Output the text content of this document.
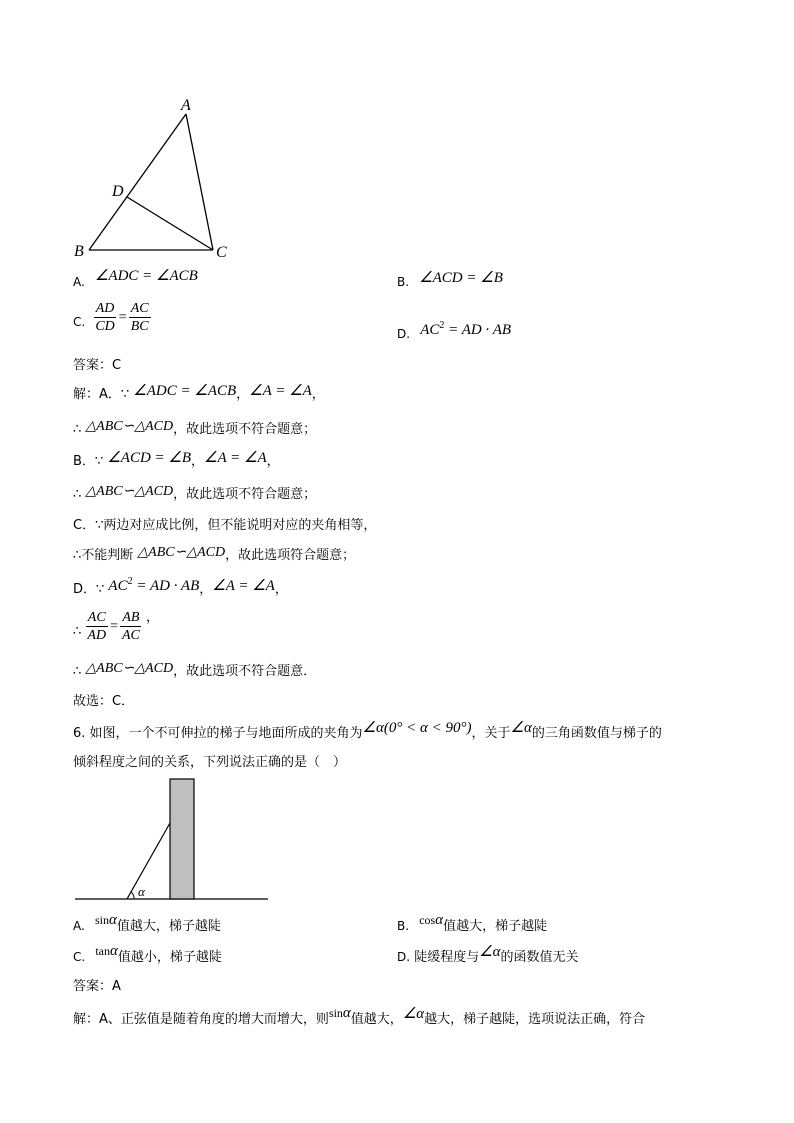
A
B	C
D
A. ∠ADC = ∠ACB	B. ∠ACD = ∠B
C. $\frac{AD}{CD} = \frac{AC}{BC}$	D. $AC^2$ = AD · AB
答案：C
解：A．∵ ∠ADC = ∠ACB，∠A = ∠A，
∴ △ABC∽△ACD，故此选项不符合题意；
B．∵ ∠ACD = ∠B，∠A = ∠A，
∴ △ABC∽△ACD，故此选项不符合题意；
C．∵两边对应成比例，但不能说明对应的夹角相等，
∴不能判断 △ABC∽△ACD，故此选项符合题意；
D．∵ $AC^2$ = AD · AB，∠A = ∠A，
∴ $\frac{AC}{AD} = \frac{AB}{AC}$ ，
∴ △ABC∽△ACD，故此选项不符合题意．
故选：C．
6. 如图，一个不可伸拉的梯子与地面所成的夹角为∠α(0° < α < 90°)，关于∠α的三角函数值与梯子的
倾斜程度之间的关系，下列说法正确的是（　）
α
A. sinα值越大，梯子越陡	B. cosα值越大，梯子越陡
C. tanα值越小，梯子越陡	D. 陡缓程度与∠α的函数值无关
答案：A
解：A、正弦值是随着角度的增大而增大，则sinα值越大，∠α越大，梯子越陡，选项说法正确，符合
